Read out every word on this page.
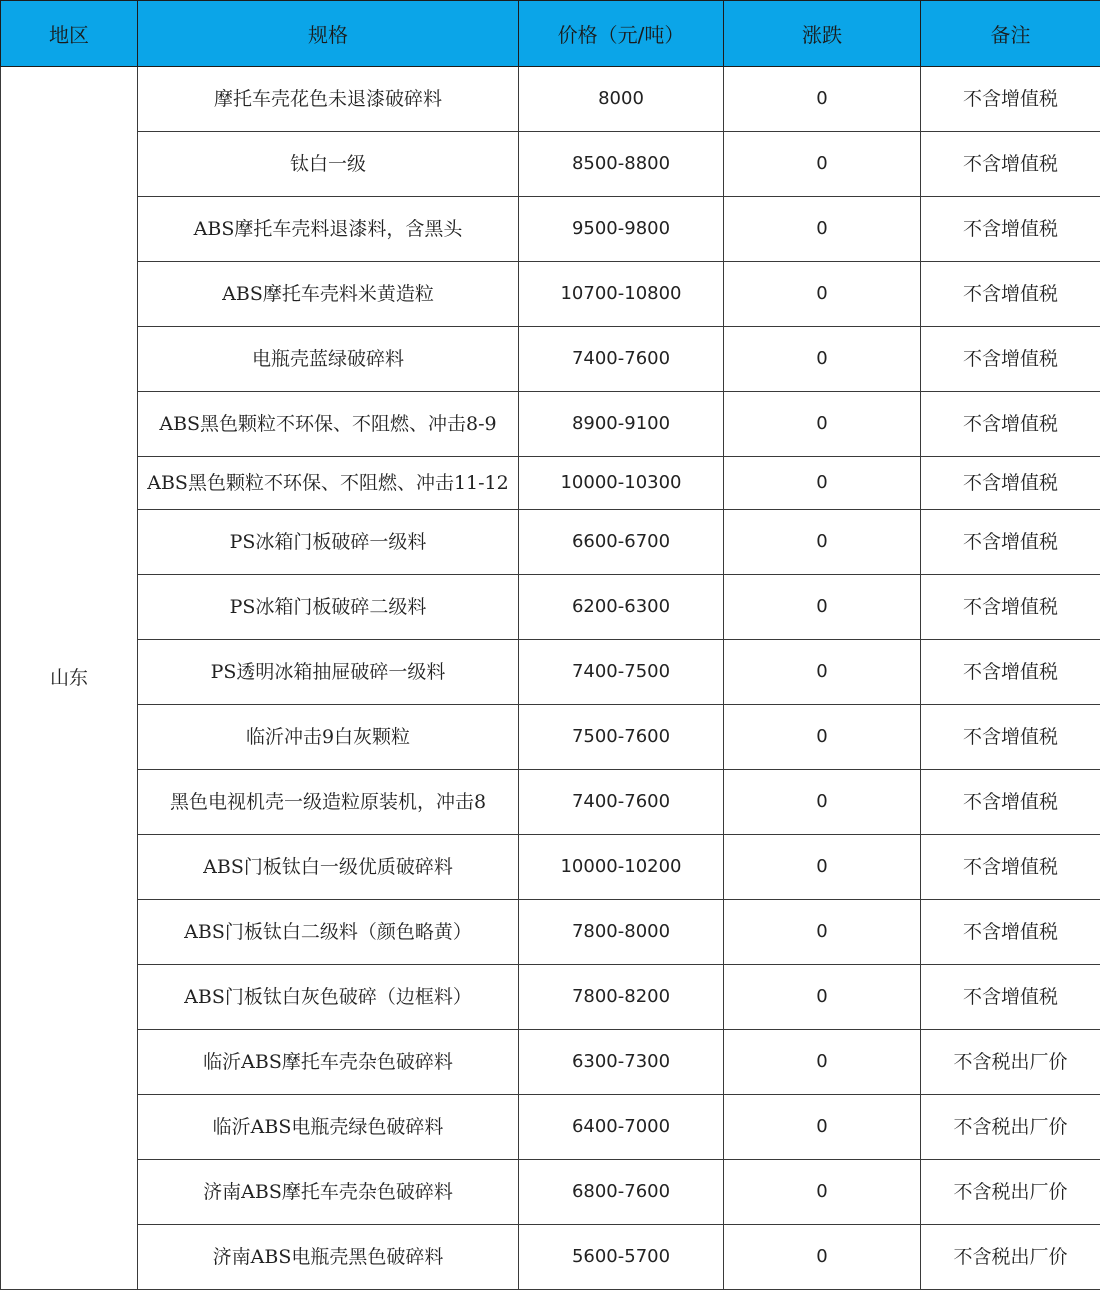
地区	规格	价格（元/吨）	涨跌	备注
山东	摩托车壳花色未退漆破碎料	8000	0	不含增值税
	钛白一级	8500-8800	0	不含增值税
	ABS摩托车壳料退漆料，含黑头	9500-9800	0	不含增值税
	ABS摩托车壳料米黄造粒	10700-10800	0	不含增值税
	电瓶壳蓝绿破碎料	7400-7600	0	不含增值税
	ABS黑色颗粒不环保、不阻燃、冲击8-9	8900-9100	0	不含增值税
	ABS黑色颗粒不环保、不阻燃、冲击11-12	10000-10300	0	不含增值税
	PS冰箱门板破碎一级料	6600-6700	0	不含增值税
	PS冰箱门板破碎二级料	6200-6300	0	不含增值税
	PS透明冰箱抽屉破碎一级料	7400-7500	0	不含增值税
	临沂冲击9白灰颗粒	7500-7600	0	不含增值税
	黑色电视机壳一级造粒原装机，冲击8	7400-7600	0	不含增值税
	ABS门板钛白一级优质破碎料	10000-10200	0	不含增值税
	ABS门板钛白二级料（颜色略黄）	7800-8000	0	不含增值税
	ABS门板钛白灰色破碎（边框料）	7800-8200	0	不含增值税
	临沂ABS摩托车壳杂色破碎料	6300-7300	0	不含税出厂价
	临沂ABS电瓶壳绿色破碎料	6400-7000	0	不含税出厂价
	济南ABS摩托车壳杂色破碎料	6800-7600	0	不含税出厂价
	济南ABS电瓶壳黑色破碎料	5600-5700	0	不含税出厂价
